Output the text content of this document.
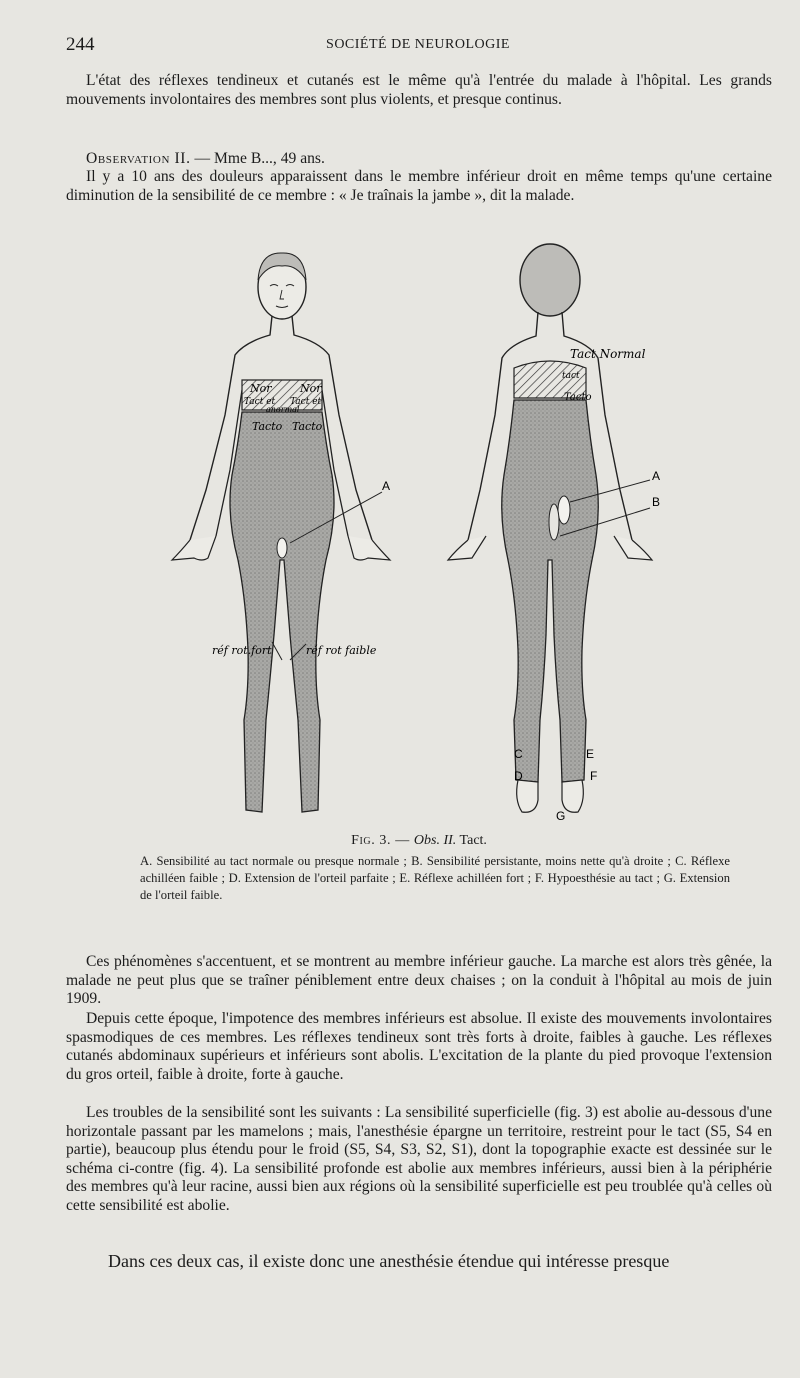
244	SOCIÉTÉ DE NEUROLOGIE

L'état des réflexes tendineux et cutanés est le même qu'à l'entrée du malade à l'hôpital. Les grands mouvements involontaires des membres sont plus violents, et presque continus.

Observation II. — Mme B..., 49 ans.

Il y a 10 ans des douleurs apparaissent dans le membre inférieur droit en même temps qu'une certaine diminution de la sensibilité de ce membre : « Je traînais la jambe », dit la malade.

Nor	Nor
Tact et Tact et
anormal
Tacto Tacto
réf rot.fort	réf rot faible
A
Tact Normal
tact
Tacto
A
B
C
D
E
F
G
Fig. 3. — Obs. II. Tact.

A. Sensibilité au tact normale ou presque normale ; B. Sensibilité persistante, moins nette qu'à droite ; C. Réflexe achilléen faible ; D. Extension de l'orteil parfaite ; E. Réflexe achilléen fort ; F. Hypoesthésie au tact ; G. Extension de l'orteil faible.

Ces phénomènes s'accentuent, et se montrent au membre inférieur gauche. La marche est alors très gênée, la malade ne peut plus que se traîner péniblement entre deux chaises ; on la conduit à l'hôpital au mois de juin 1909.

Depuis cette époque, l'impotence des membres inférieurs est absolue. Il existe des mouvements involontaires spasmodiques de ces membres. Les réflexes tendineux sont très forts à droite, faibles à gauche. Les réflexes cutanés abdominaux supérieurs et inférieurs sont abolis. L'excitation de la plante du pied provoque l'extension du gros orteil, faible à droite, forte à gauche.

Les troubles de la sensibilité sont les suivants : La sensibilité superficielle (fig. 3) est abolie au-dessous d'une horizontale passant par les mamelons ; mais, l'anesthésie épargne un territoire, restreint pour le tact (S5, S4 en partie), beaucoup plus étendu pour le froid (S5, S4, S3, S2, S1), dont la topographie exacte est dessinée sur le schéma ci-contre (fig. 4). La sensibilité profonde est abolie aux membres inférieurs, aussi bien à la périphérie des membres qu'à leur racine, aussi bien aux régions où la sensibilité superficielle est peu troublée qu'à celles où cette sensibilité est abolie.

Dans ces deux cas, il existe donc une anesthésie étendue qui intéresse presque
